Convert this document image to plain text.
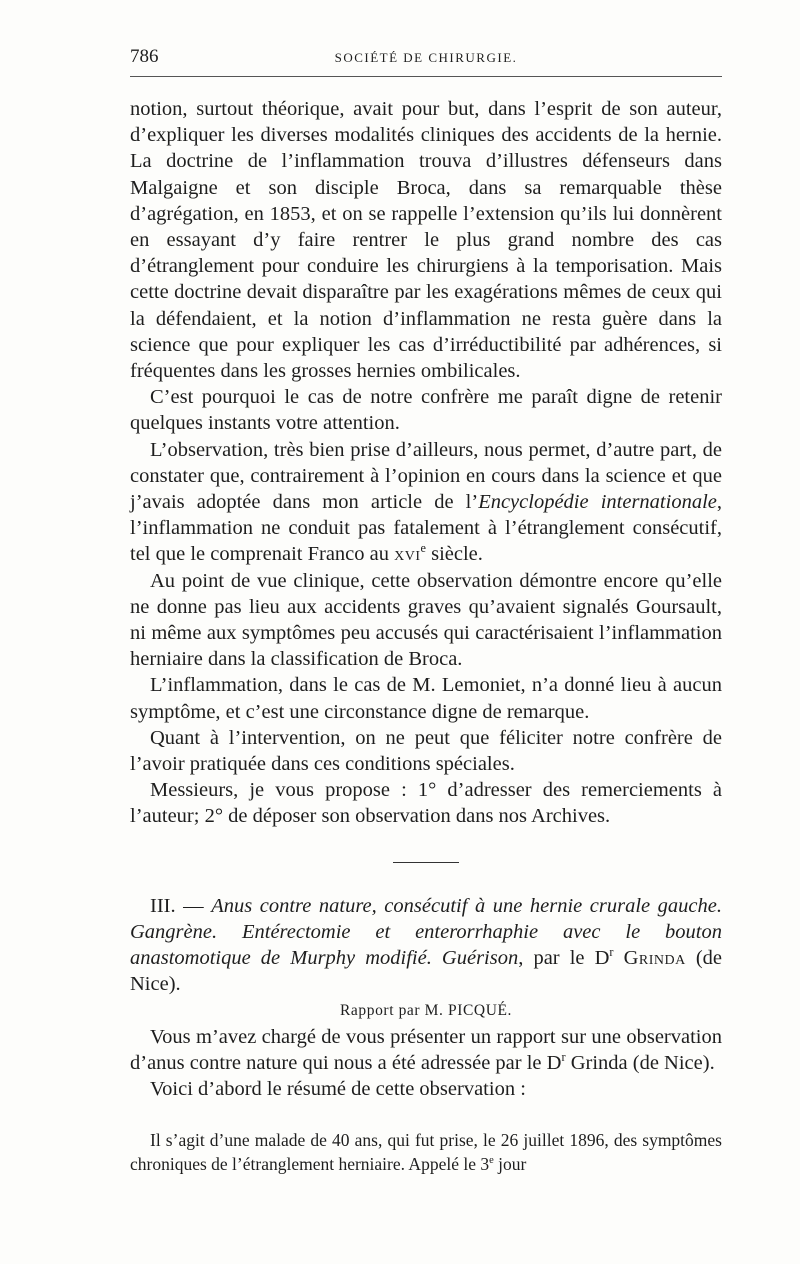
786	SOCIÉTÉ DE CHIRURGIE.

notion, surtout théorique, avait pour but, dans l’esprit de son auteur, d’expliquer les diverses modalités cliniques des accidents de la hernie. La doctrine de l’inflammation trouva d’illustres défenseurs dans Malgaigne et son disciple Broca, dans sa remarquable thèse d’agrégation, en 1853, et on se rappelle l’extension qu’ils lui donnèrent en essayant d’y faire rentrer le plus grand nombre des cas d’étranglement pour conduire les chirurgiens à la temporisation. Mais cette doctrine devait disparaître par les exagérations mêmes de ceux qui la défendaient, et la notion d’inflammation ne resta guère dans la science que pour expliquer les cas d’irréductibilité par adhérences, si fréquentes dans les grosses hernies ombilicales.

C’est pourquoi le cas de notre confrère me paraît digne de retenir quelques instants votre attention.

L’observation, très bien prise d’ailleurs, nous permet, d’autre part, de constater que, contrairement à l’opinion en cours dans la science et que j’avais adoptée dans mon article de l’Encyclopédie internationale, l’inflammation ne conduit pas fatalement à l’étranglement consécutif, tel que le comprenait Franco au xvi$^e$ siècle.

Au point de vue clinique, cette observation démontre encore qu’elle ne donne pas lieu aux accidents graves qu’avaient signalés Goursault, ni même aux symptômes peu accusés qui caractérisaient l’inflammation herniaire dans la classification de Broca.

L’inflammation, dans le cas de M. Lemoniet, n’a donné lieu à aucun symptôme, et c’est une circonstance digne de remarque.

Quant à l’intervention, on ne peut que féliciter notre confrère de l’avoir pratiquée dans ces conditions spéciales.

Messieurs, je vous propose : 1° d’adresser des remerciements à l’auteur; 2° de déposer son observation dans nos Archives.

III. — Anus contre nature, consécutif à une hernie crurale gauche. Gangrène. Entérectomie et enterorrhaphie avec le bouton anastomotique de Murphy modifié. Guérison, par le $D^r$ Grinda (de Nice).

Rapport par M. PICQUÉ.

Vous m’avez chargé de vous présenter un rapport sur une observation d’anus contre nature qui nous a été adressée par le $D^r$ Grinda (de Nice).

Voici d’abord le résumé de cette observation :

Il s’agit d’une malade de 40 ans, qui fut prise, le 26 juillet 1896, des symptômes chroniques de l’étranglement herniaire. Appelé le 3e jour
